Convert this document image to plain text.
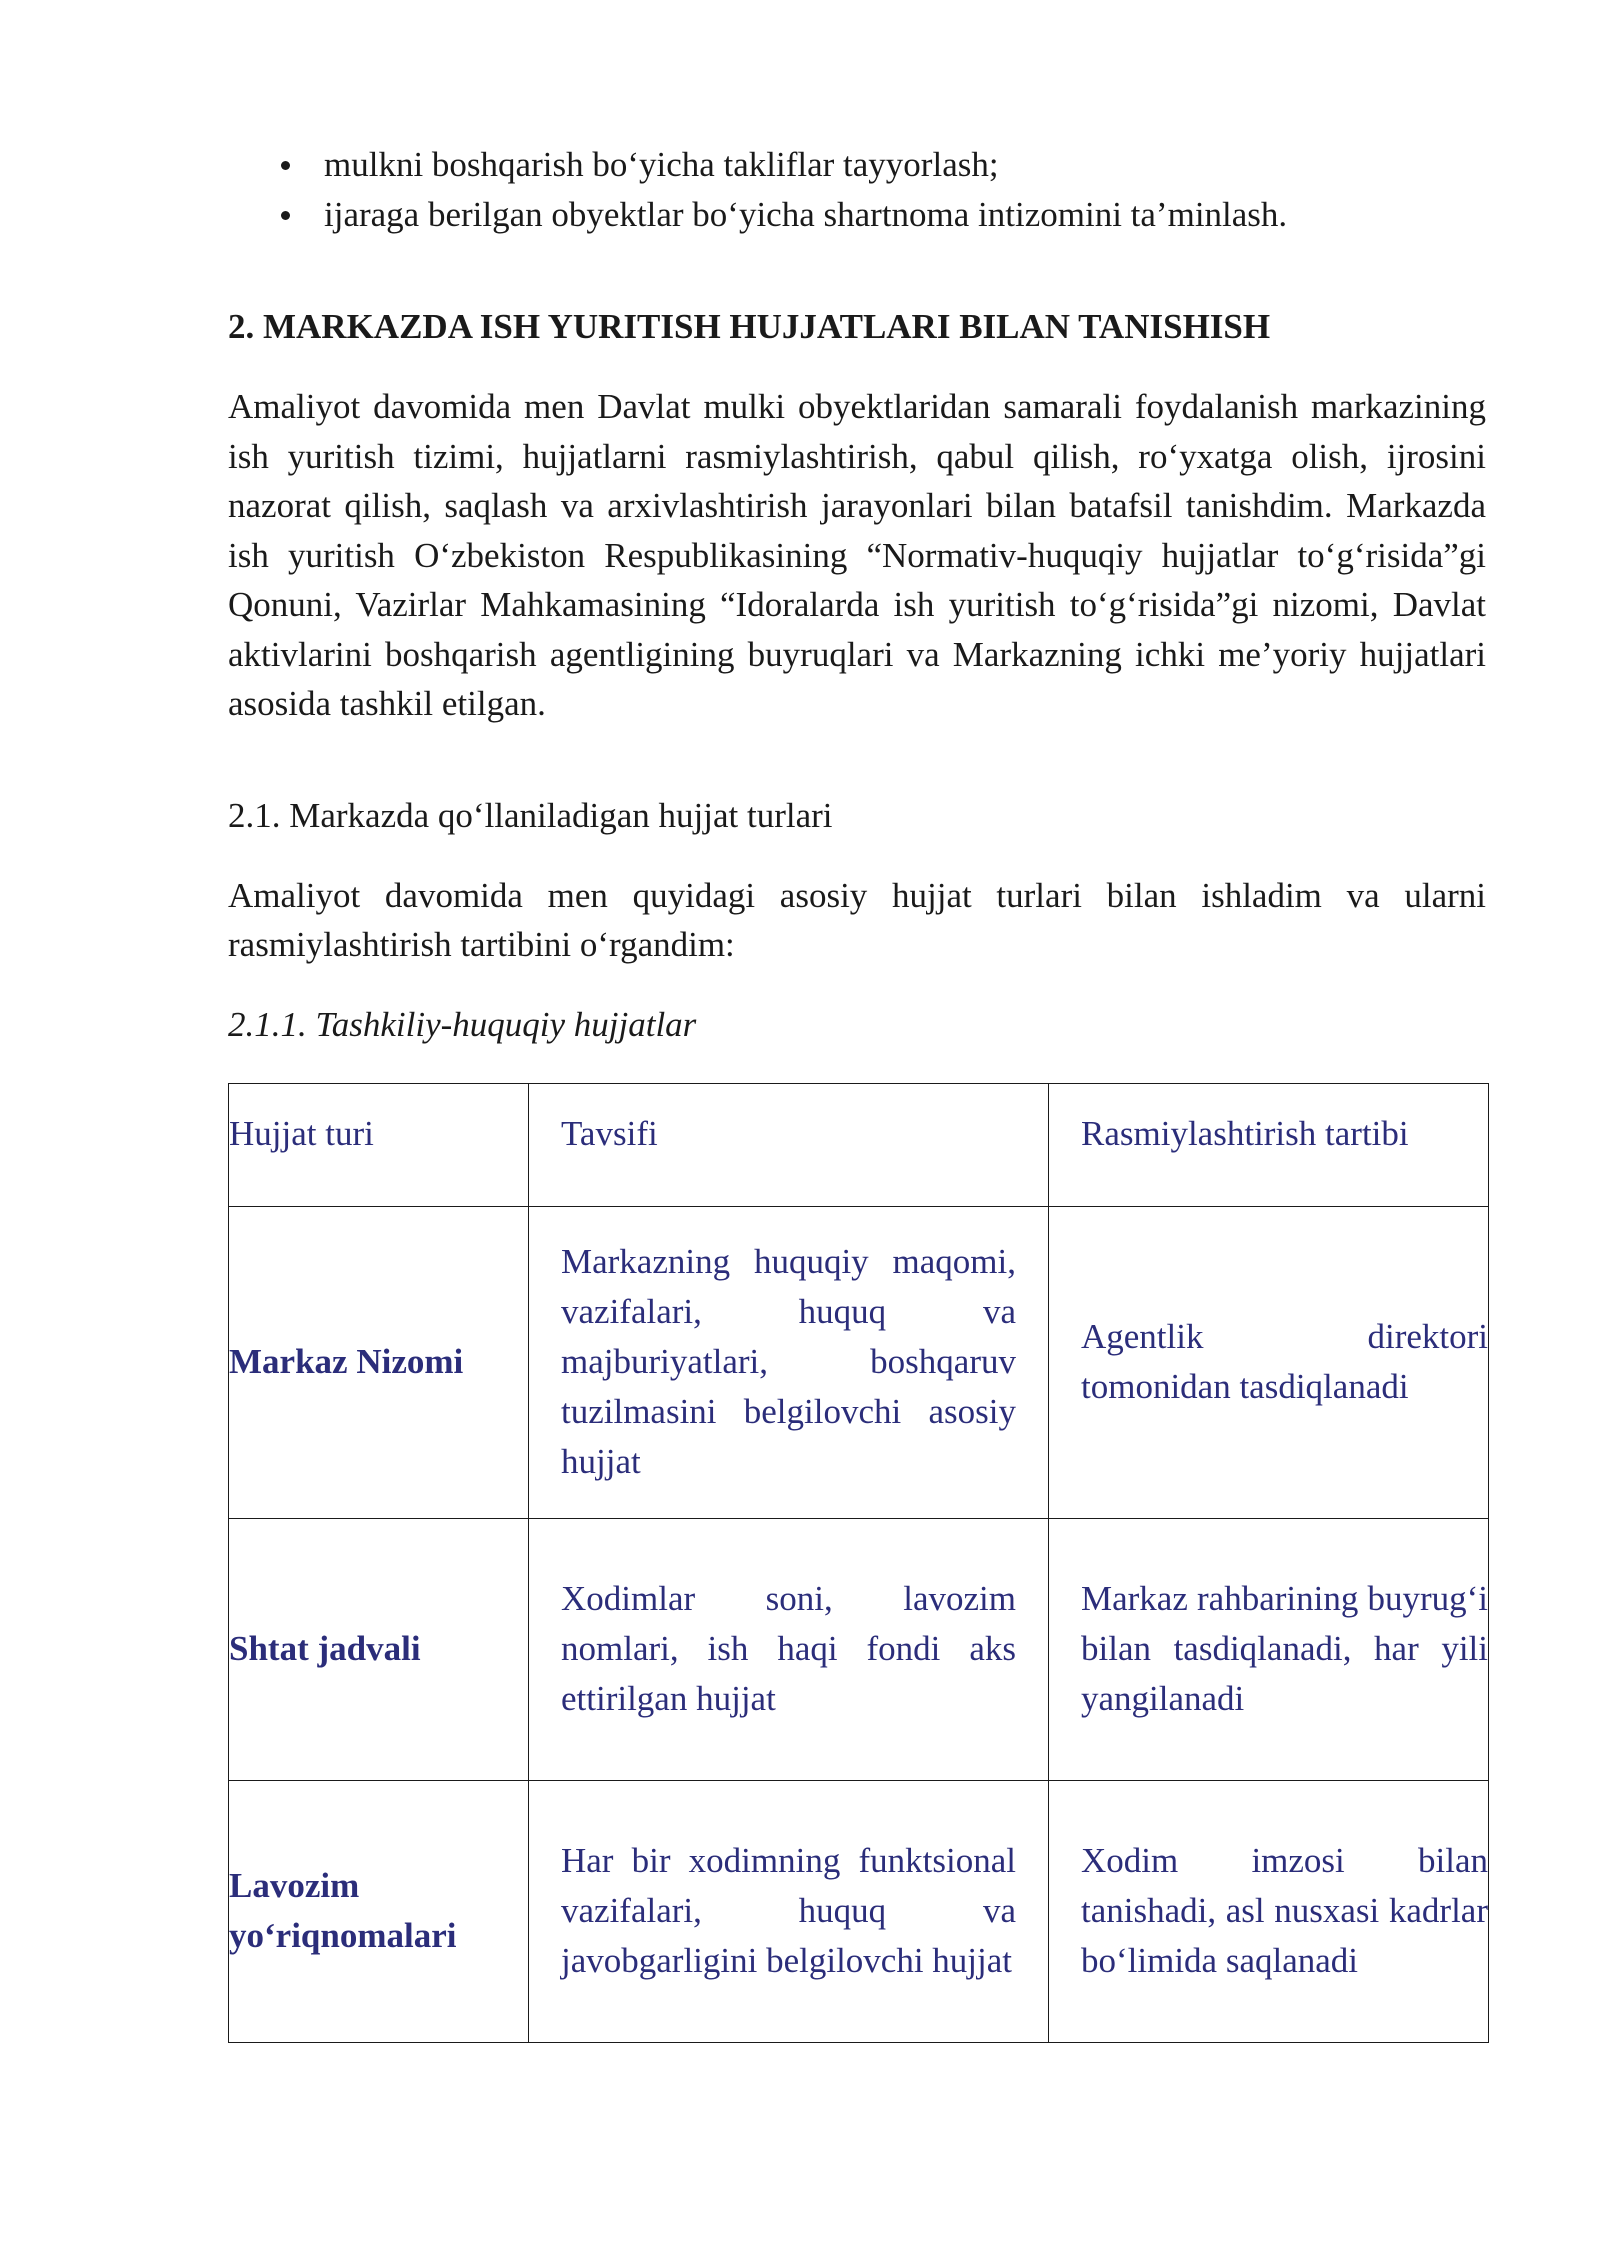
mulkni boshqarish bo‘yicha takliflar tayyorlash;
ijaraga berilgan obyektlar bo‘yicha shartnoma intizomini ta’minlash.
2. MARKAZDA ISH YURITISH HUJJATLARI BILAN TANISHISH

Amaliyot davomida men Davlat mulki obyektlaridan samarali foydalanish markazining ish yuritish tizimi, hujjatlarni rasmiylashtirish, qabul qilish, ro‘yxatga olish, ijrosini nazorat qilish, saqlash va arxivlashtirish jarayonlari bilan batafsil tanishdim. Markazda ish yuritish O‘zbekiston Respublikasining “Normativ-huquqiy hujjatlar to‘g‘risida”gi Qonuni, Vazirlar Mahkamasining “Idoralarda ish yuritish to‘g‘risida”gi nizomi, Davlat aktivlarini boshqarish agentligining buyruqlari va Markazning ichki me’yoriy hujjatlari asosida tashkil etilgan.

2.1. Markazda qo‘llaniladigan hujjat turlari

Amaliyot davomida men quyidagi asosiy hujjat turlari bilan ishladim va ularni rasmiylashtirish tartibini o‘rgandim:

2.1.1. Tashkiliy-huquqiy hujjatlar

Hujjat turi	Tavsifi	Rasmiylashtirish tartibi

Markaz Nizomi	Markazning huquqiy maqomi, vazifalari, huquq va majburiyatlari, boshqaruv tuzilmasini belgilovchi asosiy hujjat	Agentlik direktori tomonidan tasdiqlanadi

Shtat jadvali	Xodimlar soni, lavozim nomlari, ish haqi fondi aks ettirilgan hujjat	Markaz rahbarining buyrug‘i bilan tasdiqlanadi, har yili yangilanadi

Lavozim yo‘riqnomalari	Har bir xodimning funktsional vazifalari, huquq va javobgarligini belgilovchi hujjat	Xodim imzosi bilan tanishadi, asl nusxasi kadrlar bo‘limida saqlanadi
